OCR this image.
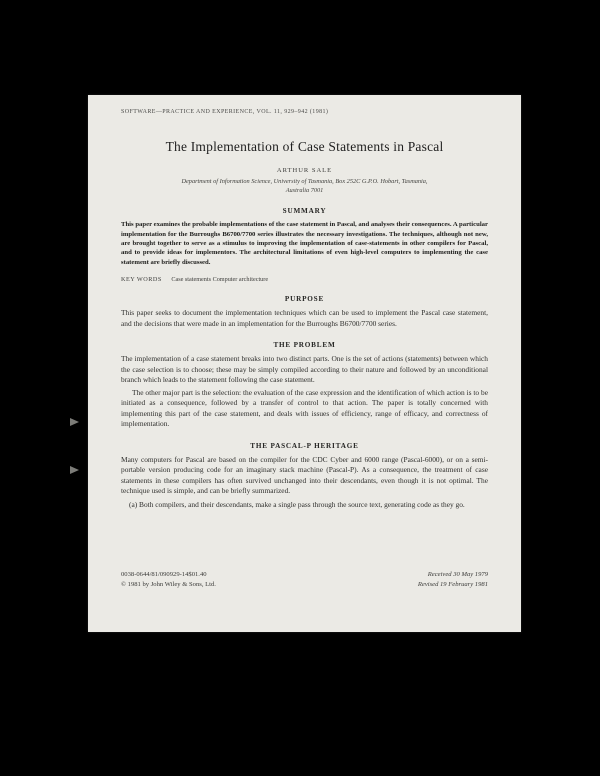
SOFTWARE—PRACTICE AND EXPERIENCE, VOL. 11, 929–942 (1981)
The Implementation of Case Statements in Pascal
ARTHUR SALE
Department of Information Science, University of Tasmania, Box 252C G.P.O. Hobart, Tasmania,
Australia 7001
SUMMARY
This paper examines the probable implementations of the case statement in Pascal, and analyses their consequences. A particular implementation for the Burroughs B6700/7700 series illustrates the necessary investigations. The techniques, although not new, are brought together to serve as a stimulus to improving the implementation of case-statements in other compilers for Pascal, and to provide ideas for implementors. The architectural limitations of even high-level computers to implementing the case statement are briefly discussed.
KEY WORDS Case statements Computer architecture
PURPOSE

This paper seeks to document the implementation techniques which can be used to implement the Pascal case statement, and the decisions that were made in an implementation for the Burroughs B6700/7700 series.

THE PROBLEM

The implementation of a case statement breaks into two distinct parts. One is the set of actions (statements) between which the case selection is to choose; these may be simply compiled according to their nature and followed by an unconditional branch which leads to the statement following the case statement.

The other major part is the selection: the evaluation of the case expression and the identification of which action is to be initiated as a consequence, followed by a transfer of control to that action. The paper is totally concerned with implementing this part of the case statement, and deals with issues of efficiency, range of efficacy, and correctness of implementation.

THE PASCAL-P HERITAGE

Many computers for Pascal are based on the compiler for the CDC Cyber and 6000 range (Pascal-6000), or on a semi-portable version producing code for an imaginary stack machine (Pascal-P). As a consequence, the treatment of case statements in these compilers has often survived unchanged into their descendants, even though it is not optimal. The technique used is simple, and can be briefly summarized.

(a) Both compilers, and their descendants, make a single pass through the source text, generating code as they go.

0038-0644/81/090929-14$01.40
© 1981 by John Wiley & Sons, Ltd.
Received 30 May 1979
Revised 19 February 1981
